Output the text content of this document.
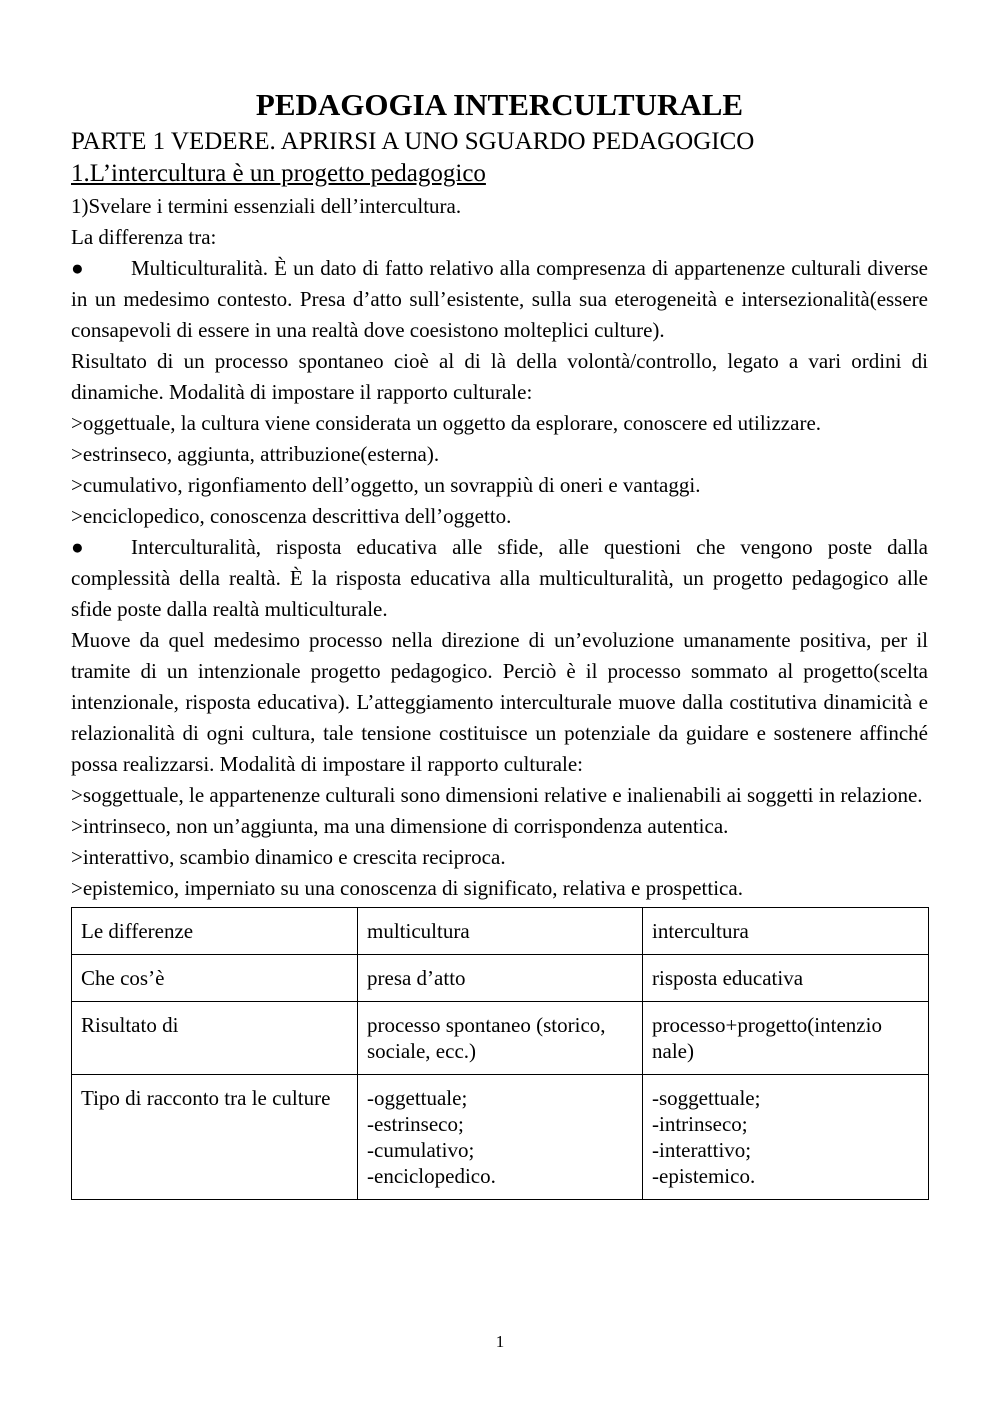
PEDAGOGIA INTERCULTURALE

PARTE 1 VEDERE. APRIRSI A UNO SGUARDO PEDAGOGICO

1.L’intercultura è un progetto pedagogico

1)Svelare i termini essenziali dell’intercultura.

La differenza tra:

● Multiculturalità. È un dato di fatto relativo alla compresenza di appartenenze culturali diverse in un medesimo contesto. Presa d’atto sull’esistente, sulla sua eterogeneità e intersezionalità(essere consapevoli di essere in una realtà dove coesistono molteplici culture).

Risultato di un processo spontaneo cioè al di là della volontà/controllo, legato a vari ordini di dinamiche. Modalità di impostare il rapporto culturale:

>oggettuale, la cultura viene considerata un oggetto da esplorare, conoscere ed utilizzare.

>estrinseco, aggiunta, attribuzione(esterna).

>cumulativo, rigonfiamento dell’oggetto, un sovrappiù di oneri e vantaggi.

>enciclopedico, conoscenza descrittiva dell’oggetto.

● Interculturalità, risposta educativa alle sfide, alle questioni che vengono poste dalla complessità della realtà. È la risposta educativa alla multiculturalità, un progetto pedagogico alle sfide poste dalla realtà multiculturale.

Muove da quel medesimo processo nella direzione di un’evoluzione umanamente positiva, per il tramite di un intenzionale progetto pedagogico. Perciò è il processo sommato al progetto(scelta intenzionale, risposta educativa). L’atteggiamento interculturale muove dalla costitutiva dinamicità e relazionalità di ogni cultura, tale tensione costituisce un potenziale da guidare e sostenere affinché possa realizzarsi. Modalità di impostare il rapporto culturale:

>soggettuale, le appartenenze culturali sono dimensioni relative e inalienabili ai soggetti in relazione.

>intrinseco, non un’aggiunta, ma una dimensione di corrispondenza autentica.

>interattivo, scambio dinamico e crescita reciproca.

>epistemico, imperniato su una conoscenza di significato, relativa e prospettica.

Le differenze	multicultura	intercultura
Che cos’è	presa d’atto	risposta educativa
Risultato di	processo spontaneo (storico, sociale, ecc.)	processo+progetto(intenzio nale)
Tipo di racconto tra le culture	-oggettuale;
-estrinseco;
-cumulativo;
-enciclopedico.	-soggettuale;
-intrinseco;
-interattivo;
-epistemico.
1
